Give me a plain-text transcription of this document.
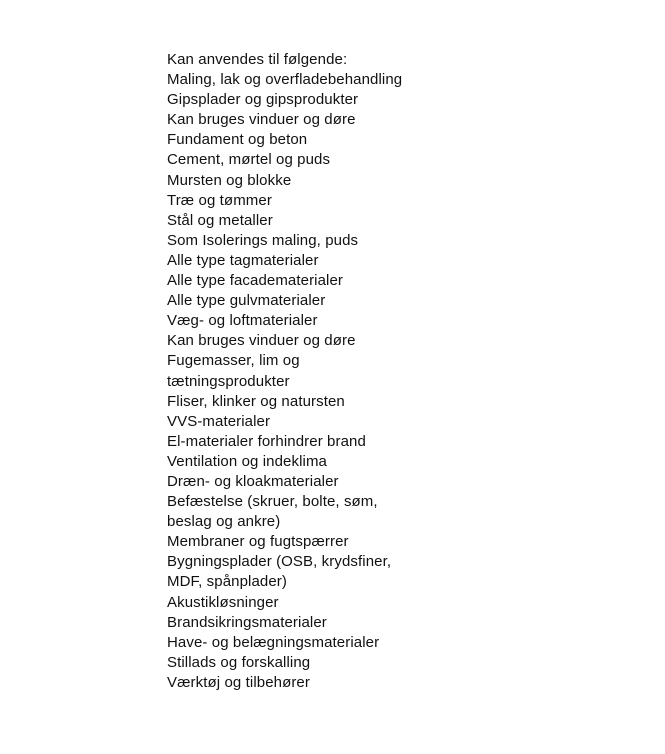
Kan anvendes til følgende:
Maling, lak og overfladebehandling
Gipsplader og gipsprodukter
Kan bruges vinduer og døre
Fundament og beton
Cement, mørtel og puds
Mursten og blokke
Træ og tømmer
Stål og metaller
Som Isolerings maling, puds
Alle type tagmaterialer
Alle type facadematerialer
Alle type gulvmaterialer
Væg- og loftmaterialer
Kan bruges vinduer og døre
Fugemasser, lim og
tætningsprodukter
Fliser, klinker og natursten
VVS-materialer
El-materialer forhindrer brand
Ventilation og indeklima
Dræn- og kloakmaterialer
Befæstelse (skruer, bolte, søm,
beslag og ankre)
Membraner og fugtspærrer
Bygningsplader (OSB, krydsfiner,
MDF, spånplader)
Akustikløsninger
Brandsikringsmaterialer
Have- og belægningsmaterialer
Stillads og forskalling
Værktøj og tilbehører
